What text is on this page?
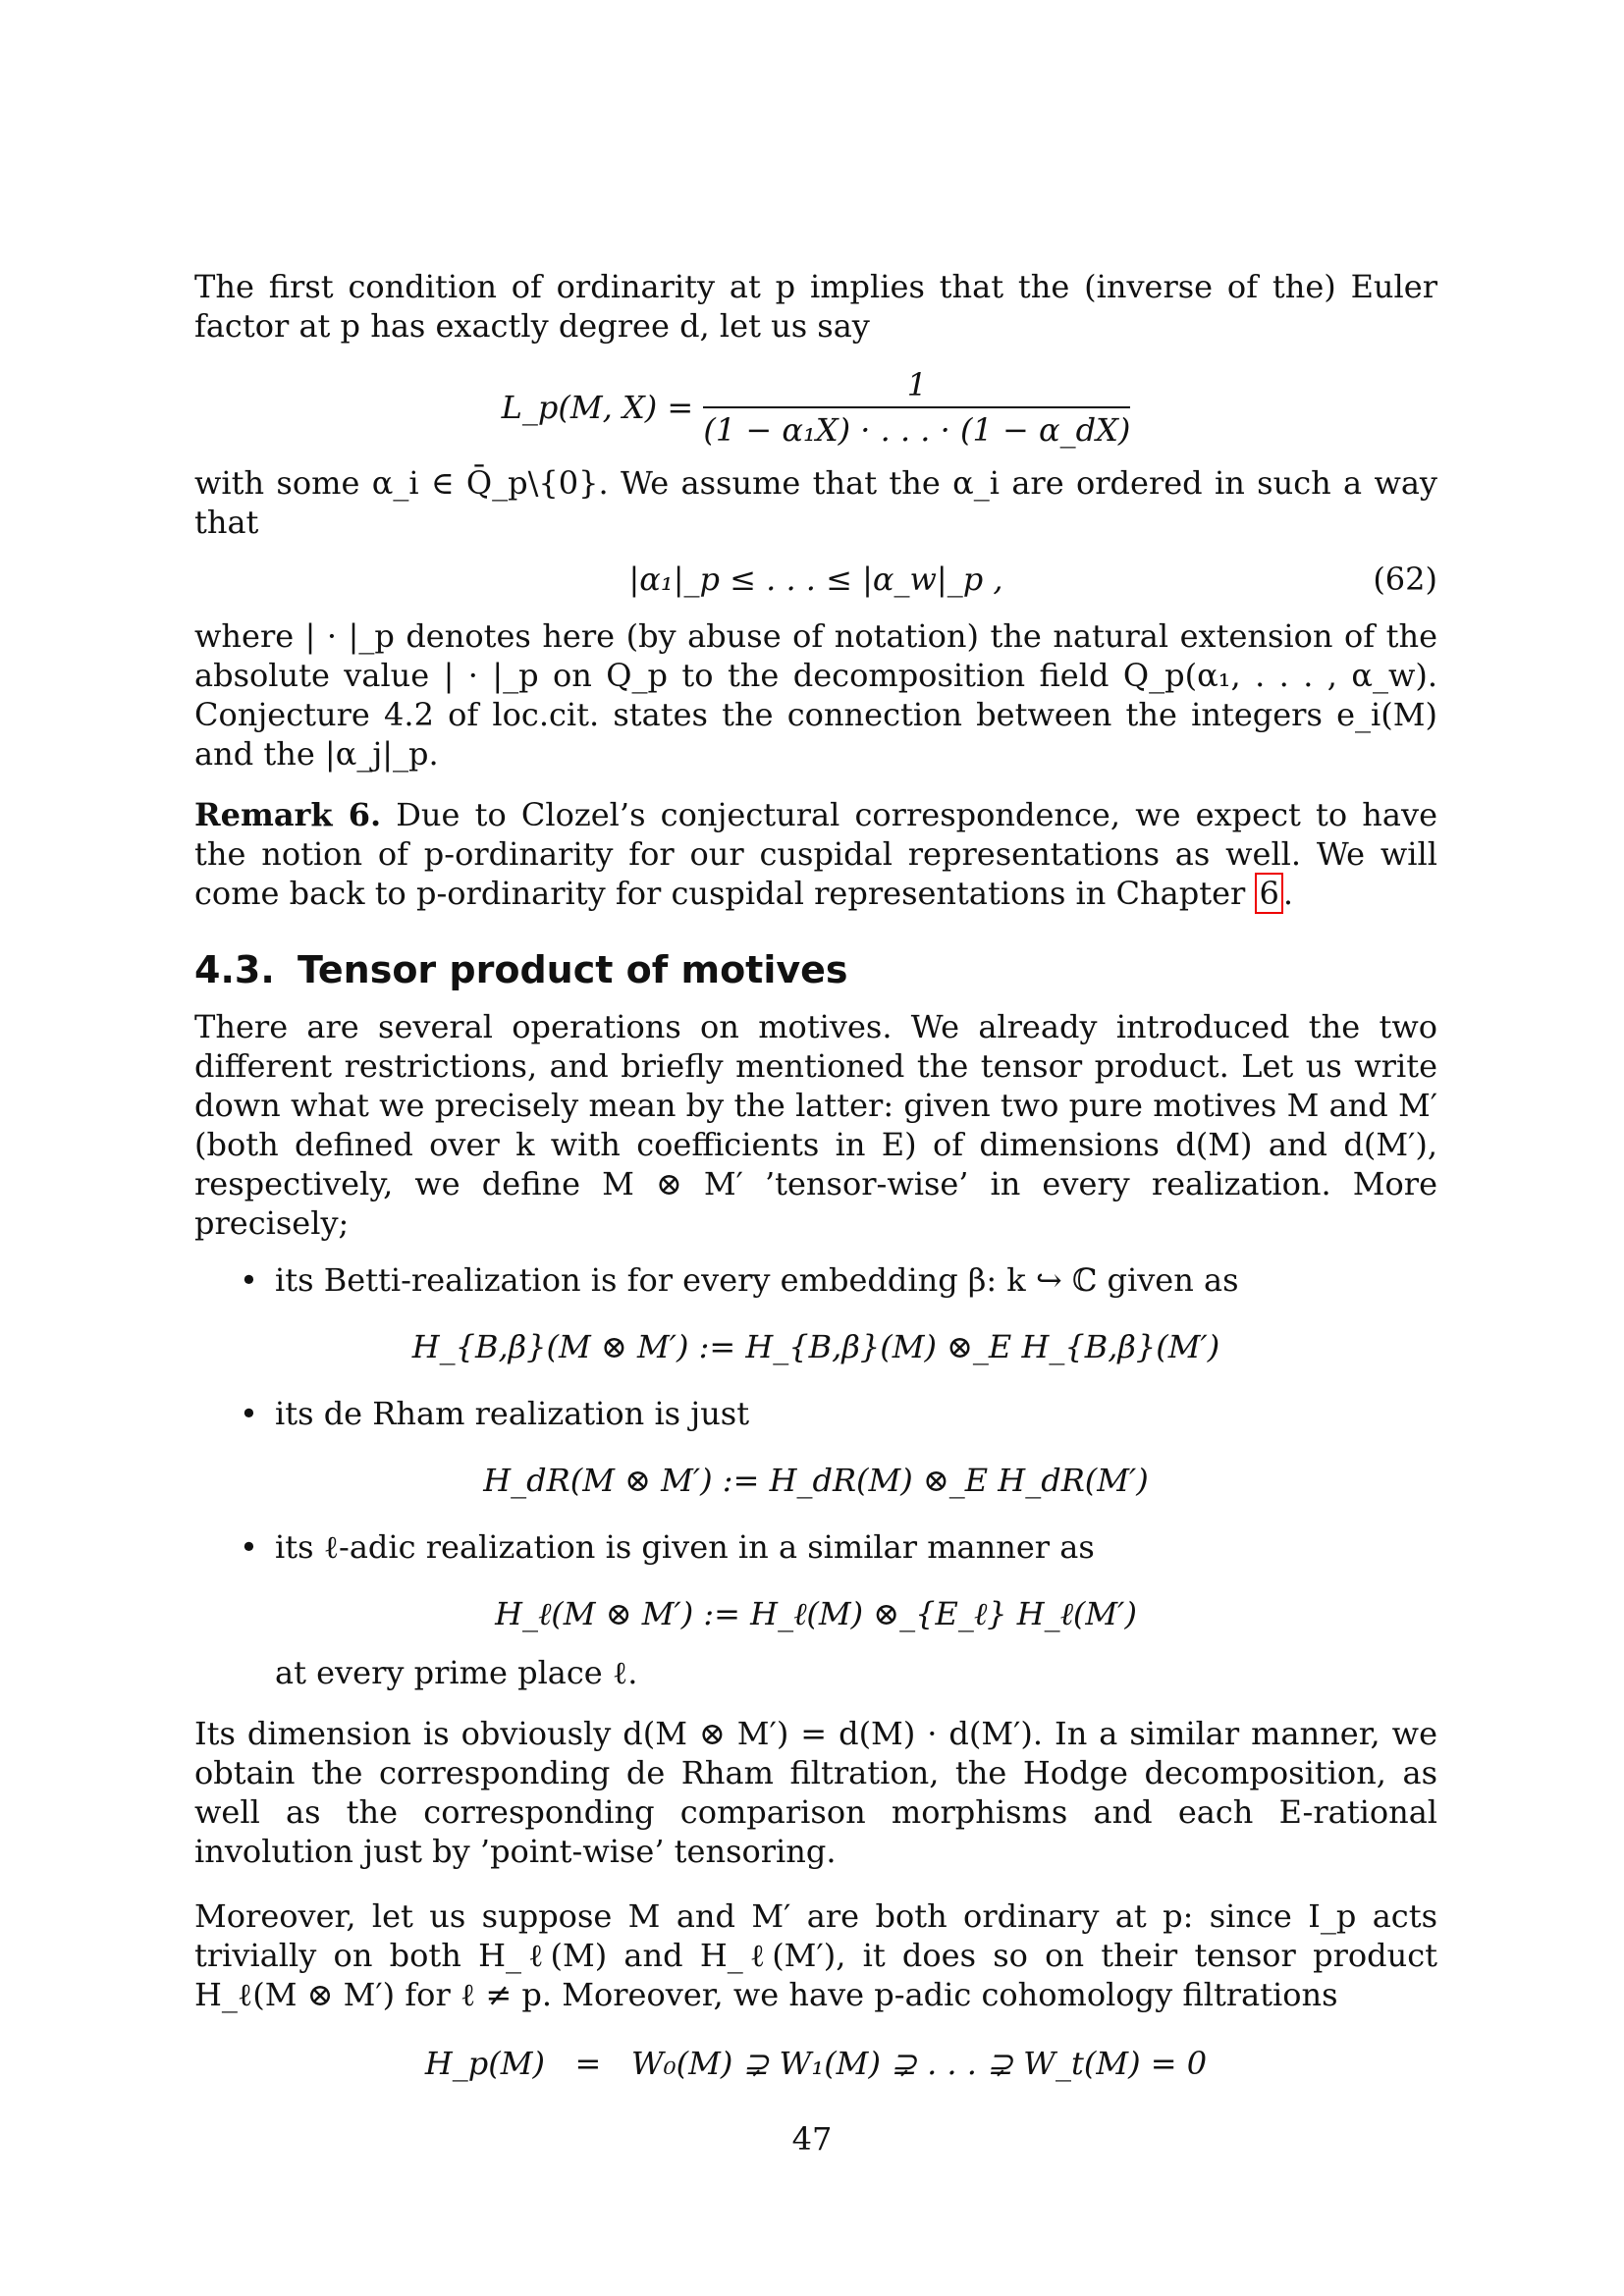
The first condition of ordinarity at p implies that the (inverse of the) Euler factor at p has exactly degree d, let us say

L_p(M, $X) = \frac{1}{\text{(1 − α₁X) · . . . · (1 − α\_dX)}}$

with some α_i ∈ Q̄_p\{0}. We assume that the α_i are ordered in such a way that

|α₁|_p ≤ . . . ≤ |α_w|_p ,	(62)

where | · |_p denotes here (by abuse of notation) the natural extension of the absolute value | · |_p on Q_p to the decomposition field Q_p(α₁, . . . , α_w). Conjecture 4.2 of loc.cit. states the connection between the integers e_i(M) and the |α_j|_p.

Remark 6. Due to Clozel’s conjectural correspondence, we expect to have the notion of p-ordinarity for our cuspidal representations as well. We will come back to p-ordinarity for cuspidal representations in Chapter 6 .

4.3. Tensor product of motives

There are several operations on motives. We already introduced the two different restrictions, and briefly mentioned the tensor product. Let us write down what we precisely mean by the latter: given two pure motives M and M′ (both defined over k with coefficients in E) of dimensions d(M) and d(M′), respectively, we define M ⊗ M′ ’tensor-wise’ in every realization. More precisely;

• its Betti-realization is for every embedding β: k ↪ ℂ given as
H_{B,β}(M ⊗ M′) := H_{B,β}(M) ⊗_E H_{B,β}(M′)
• its de Rham realization is just
H_dR(M ⊗ M′) := H_dR(M) ⊗_E H_dR(M′)
• its ℓ-adic realization is given in a similar manner as
H_ℓ(M ⊗ M′) := H_ℓ(M) ⊗_{E_ℓ} H_ℓ(M′)
at every prime place ℓ.

Its dimension is obviously d(M ⊗ M′) = d(M) · d(M′). In a similar manner, we obtain the corresponding de Rham filtration, the Hodge decomposition, as well as the corresponding comparison morphisms and each E-rational involution just by ’point-wise’ tensoring.

Moreover, let us suppose M and M′ are both ordinary at p: since I_p acts trivially on both H_ℓ(M) and H_ℓ(M′), it does so on their tensor product H_ℓ(M ⊗ M′) for ℓ ≠ p. Moreover, we have p-adic cohomology filtrations

H_p(M)   =   W₀(M) ⊋ W₁(M) ⊋ . . . ⊋ W_t(M) = 0
47
